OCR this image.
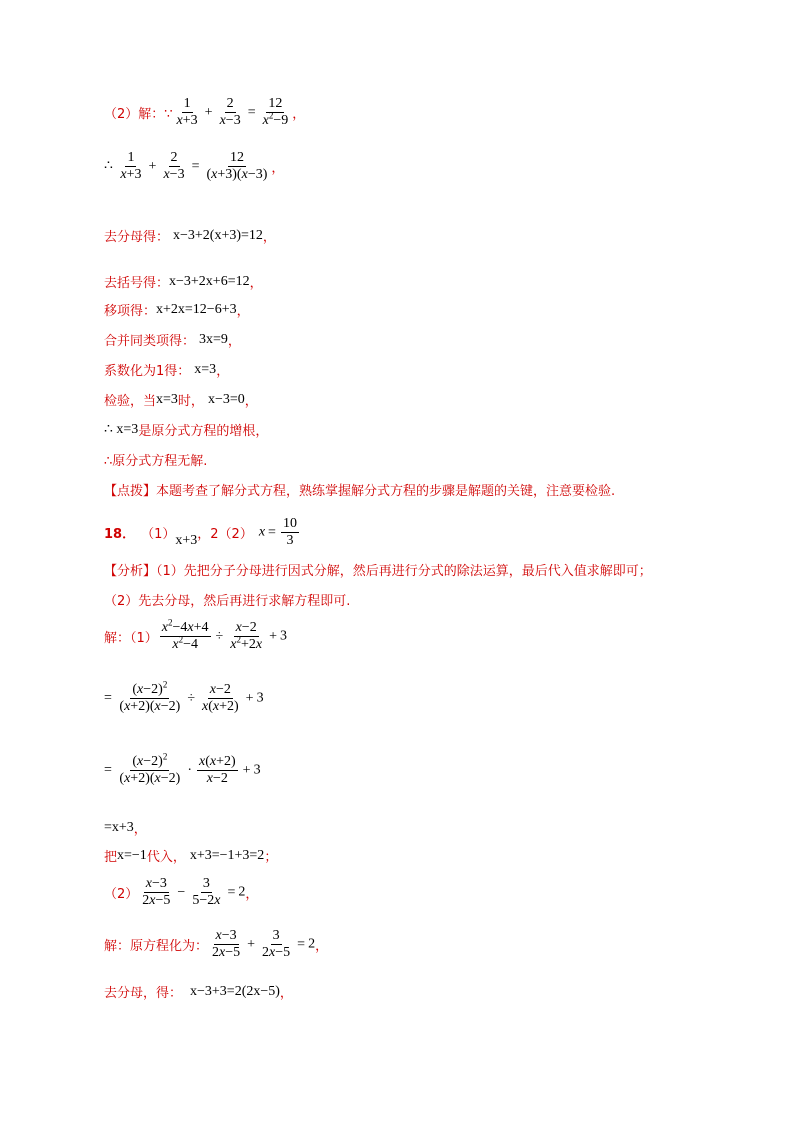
（2）解：∵ $\frac{1}{x+3} + \frac{2}{x-3} = \frac{12}{x^2-9}$ ，
∴ $\frac{1}{x+3} + \frac{2}{x-3} = \frac{12}{(x+3)(x-3)}$ ，
去分母得： x−3+2(x+3)=12 ，
去括号得： x−3+2x+6=12 ，
移项得： x+2x=12−6+3 ，
合并同类项得： 3x=9 ，
系数化为1得： x=3 ，
检验，当 x=3 时， x−3=0 ，
∴ x=3 是原分式方程的增根，
∴原分式方程无解.
【点拨】本题考查了解分式方程，熟练掌握解分式方程的步骤是解题的关键，注意要检验.
18． （1） x+3 ，2（2） $x = \frac{10}{3}$
【分析】（1）先把分子分母进行因式分解，然后再进行分式的除法运算，最后代入值求解即可；
（2）先去分母，然后再进行求解方程即可.
解：$(1) \frac{x^2-4x+4}{x^2-4} \div \frac{x-2}{x^2+2x} + 3$
= $\frac{(x-2)^2}{(x+2)(x-2)} \div \frac{x-2}{x(x+2)} + 3$
= $\frac{(x-2)^2}{(x+2)(x-2)} \cdot \frac{x(x+2)}{x-2} + 3$
=x+3 ，
把 x=−1 代入， x+3=−1+3=2 ；
$(2) \frac{x-3}{2x-5} - \frac{3}{5-2x} = 2$ ，
解：原方程化为： $\frac{x-3}{2x-5} + \frac{3}{2x-5} = 2$ ，
去分母，得： x−3+3=2(2x−5) ，
